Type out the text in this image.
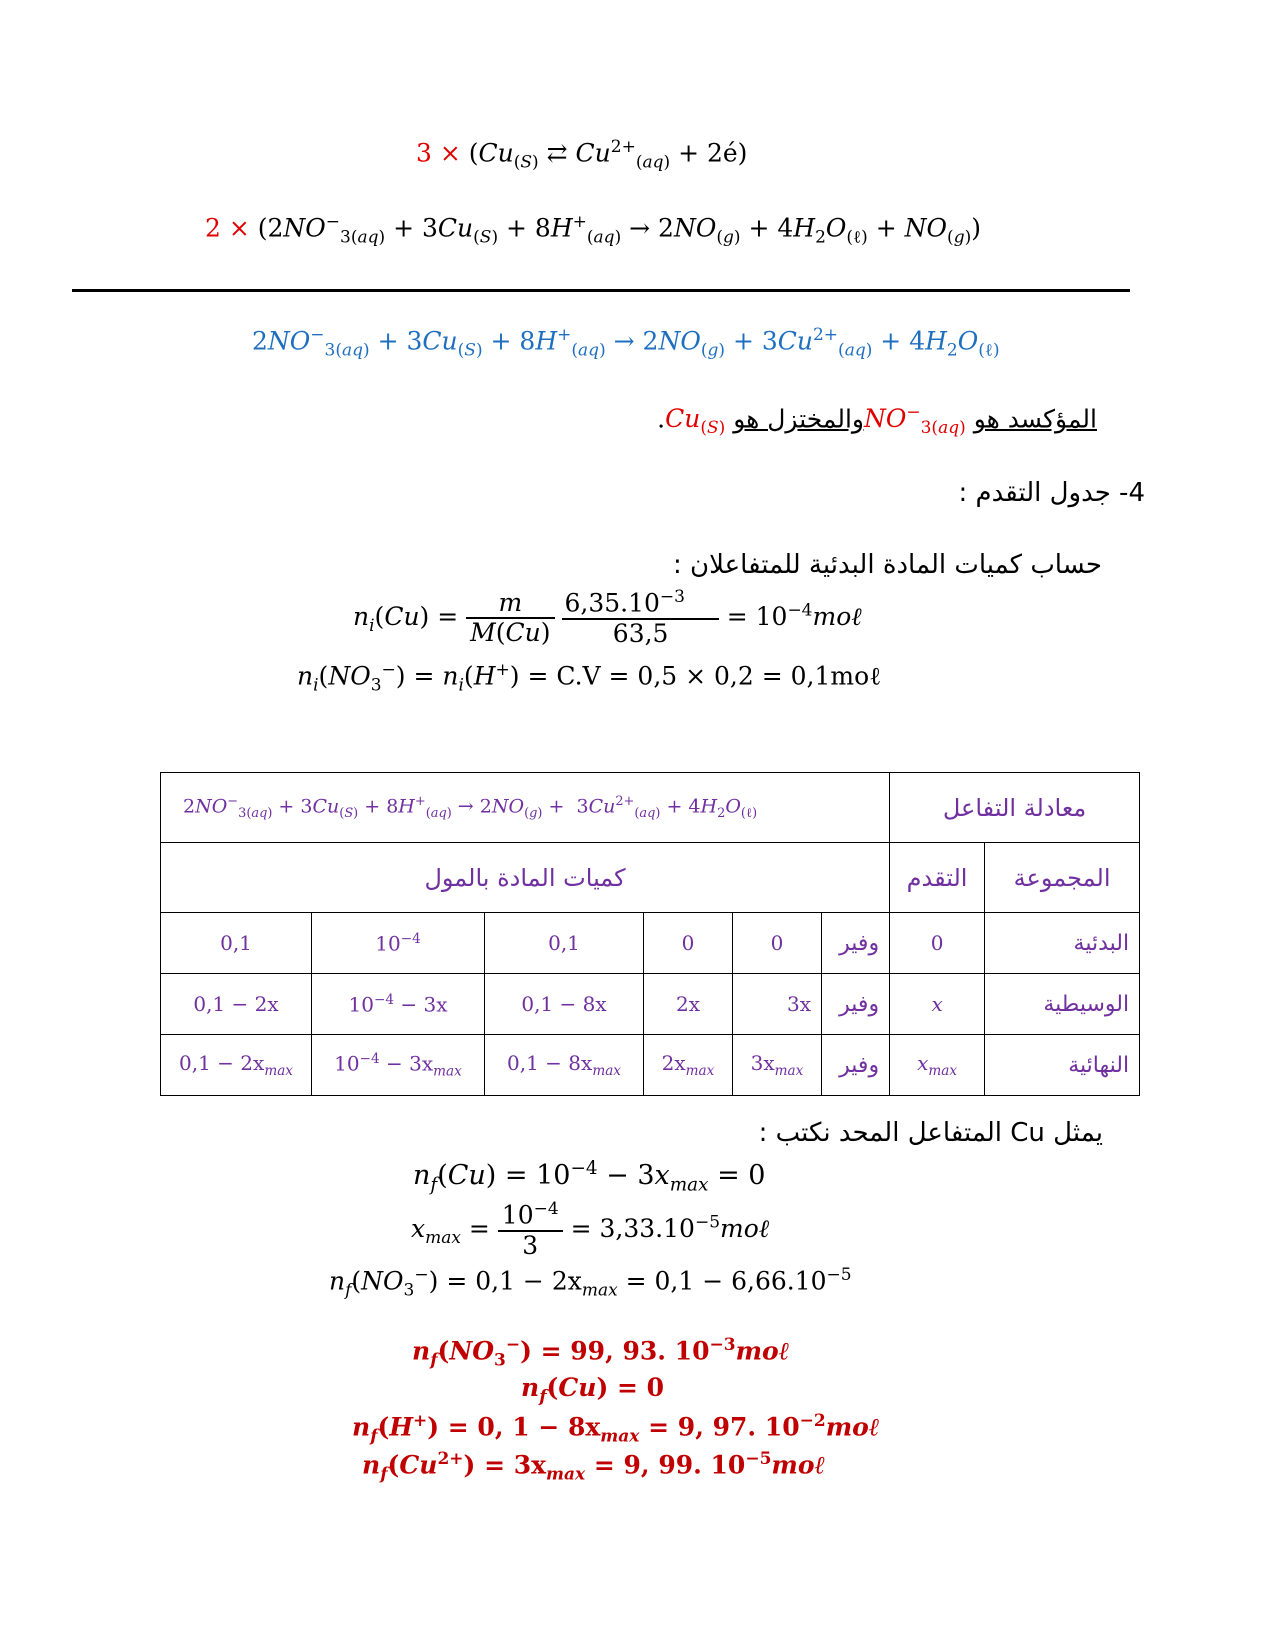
$3 \times (Cu_{(S)}$ ⇄ $Cu^{2+}_{(aq)}$ + 2é)
$2 \times (2NO^-_{3(aq)} + 3Cu_{(S)} + 8H^+_{(aq)} \to 2NO_{(g)} + 4H_2O_{(\ell)} + NO_{(g)})$
$2NO^-_{3(aq)} + 3Cu_{(S)} + 8H^+_{(aq)} \to 2NO_{(g)} + 3Cu^{2+}_{(aq)} + 4H_2O_{(\ell)}$
المؤكسد هو $NO^-_{3(aq)}والمختزل$ هو $Cu_{(S)}$.
4- جدول التقدم :
حساب كميات المادة البدئية للمتفاعلان :
$n_i(Cu) = \frac{m}{M(Cu)}$
$\frac{6,35.10^{-3}}{63,5}$ = $10^{-4}mo\ell$
$n_i(NO_3^-) = n_i(H^+) = C.V = 0,5 \times 0,2$ = 0,1moℓ
$2NO^-_{3(aq)} + 3Cu_{(S)} + 8H^+_{(aq)} \to 2NO_{(g)} + 3Cu^{2+}_{(aq)} + 4H_2O_{(\ell)}$						معادلة التفاعل	
كميات المادة بالمول						التقدم	المجموعة
0,1	$10^{-4}$	0,1	0	0	وفير	0	البدئية
0,1 − 2x	$10^{-4} - 3x$	0,1 − 8x	2x	3x	وفير	x	الوسيطية
$0,1 - 2x_{max}$	$10^{-4} - 3x_{max}$	$0,1 - 8x_{max}$	$2x_{max}$	$3x_{max}$	وفير	$x_{max}$	النهائية
يمثل Cu المتفاعل المحد نكتب :
$n_f(Cu) = 10^{-4} - 3x_{max} = 0$
$x_{max} = \frac{10^{-4}}{3}$ = $3,33.10^{-5}mo\ell$
$n_f(NO_3^-) = 0,1 - 2x_{max} = 0,1 - 6,66.10^{-5}$
$n_f(NO_3^-) = 99$, 93. $10^{-3}mo\ell$
$n_f(Cu) = 0$
$n_f(H^+) = 0$, $1 - 8x_{max} = 9$, 97. $10^{-2}mo\ell$
$n_f(Cu^{2+}) = 3x_{max} = 9$, 99. $10^{-5}mo\ell$
